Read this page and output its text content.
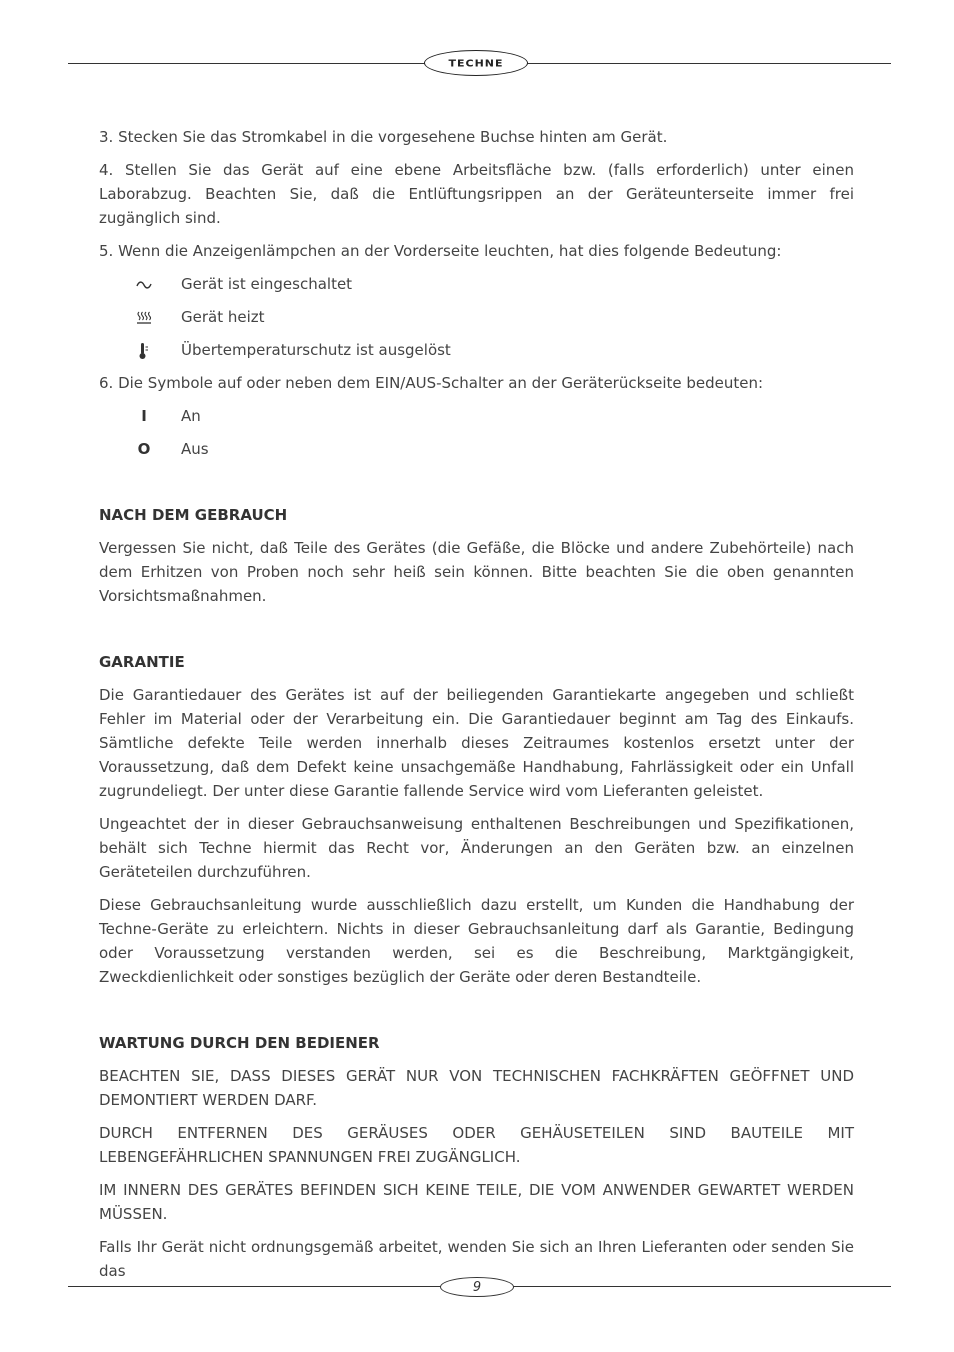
TECHNE

3. Stecken Sie das Stromkabel in die vorgesehene Buchse hinten am Gerät.

4. Stellen Sie das Gerät auf eine ebene Arbeitsfläche bzw. (falls erforderlich) unter einen Laborabzug. Beachten Sie, daß die Entlüftungsrippen an der Geräteunterseite immer frei zugänglich sind.

5. Wenn die Anzeigenlämpchen an der Vorderseite leuchten, hat dies folgende Bedeutung:

Gerät ist eingeschaltet
Gerät heizt
Übertemperaturschutz ist ausgelöst

6. Die Symbole auf oder neben dem EIN/AUS-Schalter an der Geräterückseite bedeuten:

I	An
O	Aus
NACH DEM GEBRAUCH

Vergessen Sie nicht, daß Teile des Gerätes (die Gefäße, die Blöcke und andere Zubehörteile) nach dem Erhitzen von Proben noch sehr heiß sein können. Bitte beachten Sie die oben genannten Vorsichtsmaßnahmen.

GARANTIE

Die Garantiedauer des Gerätes ist auf der beiliegenden Garantiekarte angegeben und schließt Fehler im Material oder der Verarbeitung ein. Die Garantiedauer beginnt am Tag des Einkaufs. Sämtliche defekte Teile werden innerhalb dieses Zeitraumes kostenlos ersetzt unter der Voraussetzung, daß dem Defekt keine unsachgemäße Handhabung, Fahrlässigkeit oder ein Unfall zugrundeliegt. Der unter diese Garantie fallende Service wird vom Lieferanten geleistet.

Ungeachtet der in dieser Gebrauchsanweisung enthaltenen Beschreibungen und Spezifikationen, behält sich Techne hiermit das Recht vor, Änderungen an den Geräten bzw. an einzelnen Geräteteilen durchzuführen.

Diese Gebrauchsanleitung wurde ausschließlich dazu erstellt, um Kunden die Handhabung der Techne-Geräte zu erleichtern. Nichts in dieser Gebrauchsanleitung darf als Garantie, Bedingung oder Voraussetzung verstanden werden, sei es die Beschreibung, Marktgängigkeit, Zweckdienlichkeit oder sonstiges bezüglich der Geräte oder deren Bestandteile.

WARTUNG DURCH DEN BEDIENER

BEACHTEN SIE, DASS DIESES GERÄT NUR VON TECHNISCHEN FACHKRÄFTEN GEÖFFNET UND DEMONTIERT WERDEN DARF.

DURCH ENTFERNEN DES GERÄUSES ODER GEHÄUSETEILEN SIND BAUTEILE MIT LEBENGEFÄHRLICHEN SPANNUNGEN FREI ZUGÄNGLICH.

IM INNERN DES GERÄTES BEFINDEN SICH KEINE TEILE, DIE VOM ANWENDER GEWARTET WERDEN MÜSSEN.

Falls Ihr Gerät nicht ordnungsgemäß arbeitet, wenden Sie sich an Ihren Lieferanten oder senden Sie das

9
